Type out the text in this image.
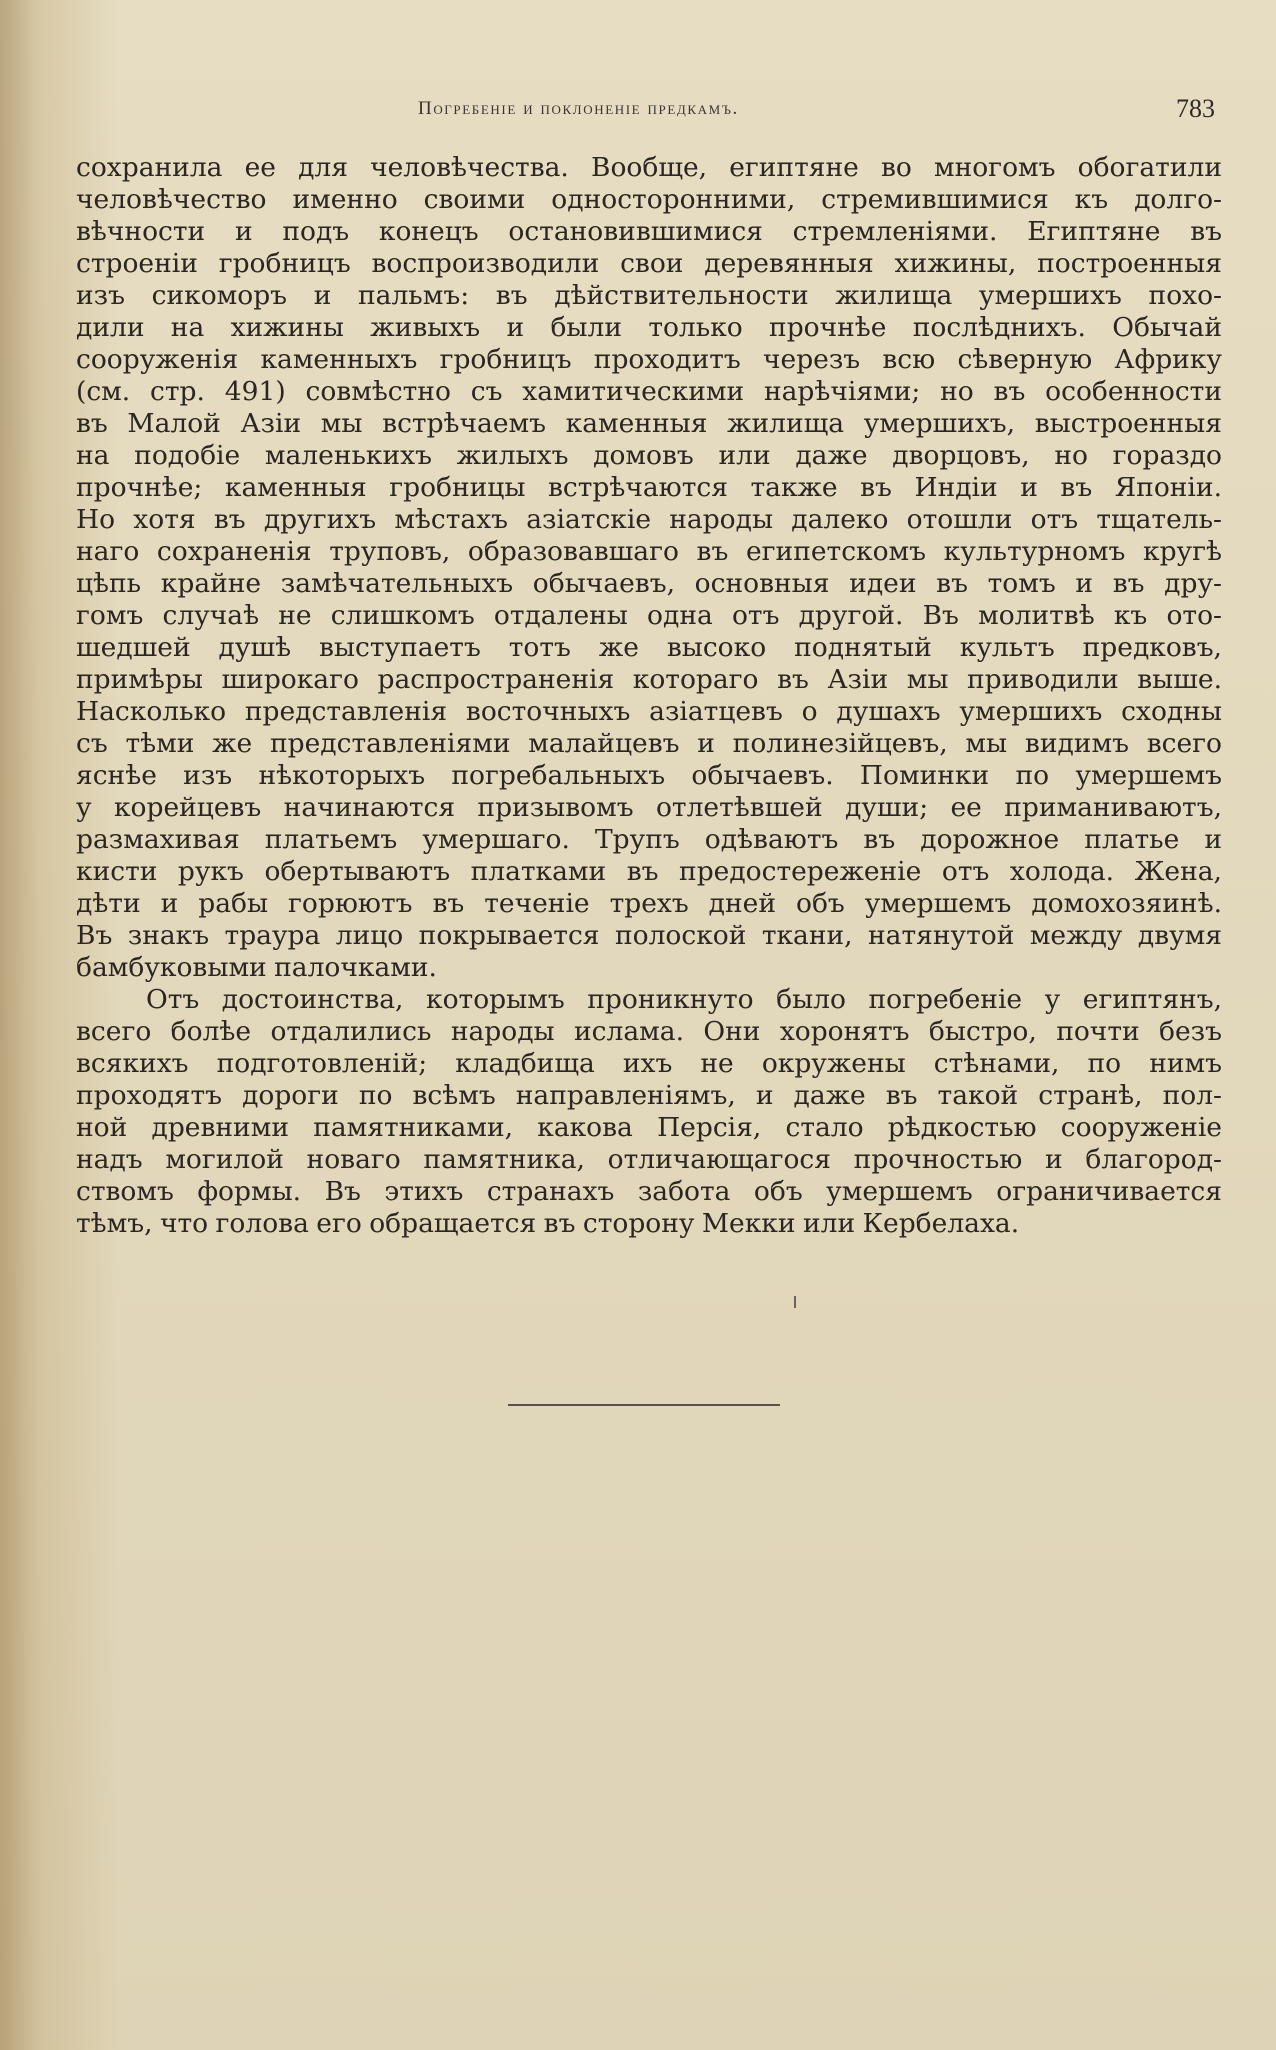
Погребенiе и поклоненiе предкамъ.	783
сохранила ее для человѣчества. Вообще, египтяне во многомъ обогатили
человѣчество именно своими односторонними, стремившимися къ долго-
вѣчности и подъ конецъ остановившимися стремленiями. Египтяне въ
строенiи гробницъ воспроизводили свои деревянныя хижины, построенныя
изъ сикоморъ и пальмъ: въ дѣйствительности жилища умершихъ похо-
дили на хижины живыхъ и были только прочнѣе послѣднихъ. Обычай
сооруженiя каменныхъ гробницъ проходитъ черезъ всю сѣверную Африку
(см. стр. 491) совмѣстно съ хамитическими нарѣчiями; но въ особенности
въ Малой Азiи мы встрѣчаемъ каменныя жилища умершихъ, выстроенныя
на подобiе маленькихъ жилыхъ домовъ или даже дворцовъ, но гораздо
прочнѣе; каменныя гробницы встрѣчаются также въ Индiи и въ Японiи.
Но хотя въ другихъ мѣстахъ азiатскiе народы далеко отошли отъ тщатель-
наго сохраненiя труповъ, образовавшаго въ египетскомъ культурномъ кругѣ
цѣпь крайне замѣчательныхъ обычаевъ, основныя идеи въ томъ и въ дру-
гомъ случаѣ не слишкомъ отдалены одна отъ другой. Въ молитвѣ къ ото-
шедшей душѣ выступаетъ тотъ же высоко поднятый культъ предковъ,
примѣры широкаго распространенiя котораго въ Азiи мы приводили выше.
Насколько представленiя восточныхъ азiатцевъ о душахъ умершихъ сходны
съ тѣми же представленiями малайцевъ и полинезiйцевъ, мы видимъ всего
яснѣе изъ нѣкоторыхъ погребальныхъ обычаевъ. Поминки по умершемъ
у корейцевъ начинаются призывомъ отлетѣвшей души; ее приманиваютъ,
размахивая платьемъ умершаго. Трупъ одѣваютъ въ дорожное платье и
кисти рукъ обертываютъ платками въ предостереженiе отъ холода. Жена,
дѣти и рабы горюютъ въ теченiе трехъ дней объ умершемъ домохозяинѣ.
Въ знакъ траура лицо покрывается полоской ткани, натянутой между двумя
бамбуковыми палочками.
Отъ достоинства, которымъ проникнуто было погребенiе у египтянъ,
всего болѣе отдалились народы ислама. Они хоронятъ быстро, почти безъ
всякихъ подготовленiй; кладбища ихъ не окружены стѣнами, по нимъ
проходятъ дороги по всѣмъ направленiямъ, и даже въ такой странѣ, пол-
ной древними памятниками, какова Персiя, стало рѣдкостью сооруженiе
надъ могилой новаго памятника, отличающагося прочностью и благород-
ствомъ формы. Въ этихъ странахъ забота объ умершемъ ограничивается
тѣмъ, что голова его обращается въ сторону Мекки или Кербелаха.
